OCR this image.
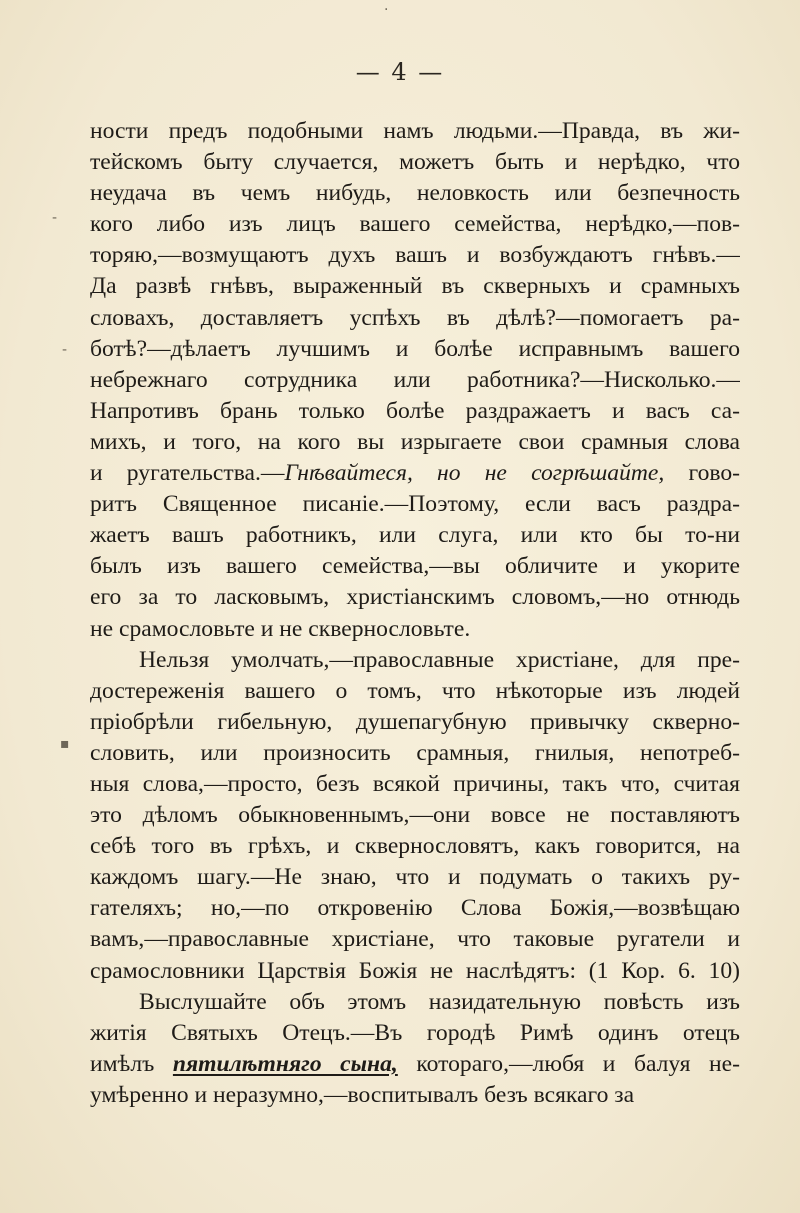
·
— 4 —
-
-
▪
ности предъ подобными намъ людьми.—Правда, въ жи-
тейскомъ быту случается, можетъ быть и нерѣдко, что
неудача въ чемъ нибудь, неловкость или безпечность
кого либо изъ лицъ вашего семейства, нерѣдко,—пов-
торяю,—возмущаютъ духъ вашъ и возбуждаютъ гнѣвъ.—
Да развѣ гнѣвъ, выраженный въ скверныхъ и срамныхъ
словахъ, доставляетъ успѣхъ въ дѣлѣ?—помогаетъ ра-
ботѣ?—дѣлаетъ лучшимъ и болѣе исправнымъ вашего
небрежнаго сотрудника или работника?—Нисколько.—
Напротивъ брань только болѣе раздражаетъ и васъ са-
михъ, и того, на кого вы изрыгаете свои срамныя слова
и ругательства.—Гнѣвайтеся, но не согрѣшайте, гово-
ритъ Священное писаніе.—Поэтому, если васъ раздра-
жаетъ вашъ работникъ, или слуга, или кто бы то-ни
былъ изъ вашего семейства,—вы обличите и укорите
его за то ласковымъ, христіанскимъ словомъ,—но отнюдь
не срамословьте и не сквернословьте.
Нельзя умолчать,—православные христіане, для пре-
достереженія вашего о томъ, что нѣкоторые изъ людей
пріобрѣли гибельную, душепагубную привычку скверно-
словить, или произносить срамныя, гнилыя, непотреб-
ныя слова,—просто, безъ всякой причины, такъ что, считая
это дѣломъ обыкновеннымъ,—они вовсе не поставляютъ
себѣ того въ грѣхъ, и сквернословятъ, какъ говорится, на
каждомъ шагу.—Не знаю, что и подумать о такихъ ру-
гателяхъ; но,—по откровенію Слова Божія,—возвѣщаю
вамъ,—православные христіане, что таковые ругатели и
срамословники Царствія Божія не наслѣдятъ: (1 Кор. 6. 10)
Выслушайте объ этомъ назидательную повѣсть изъ
житія Святыхъ Отецъ.—Въ городѣ Римѣ одинъ отецъ
имѣлъ пятилѣтняго сына, котораго,—любя и балуя не-
умѣренно и неразумно,—воспитывалъ безъ всякаго за
